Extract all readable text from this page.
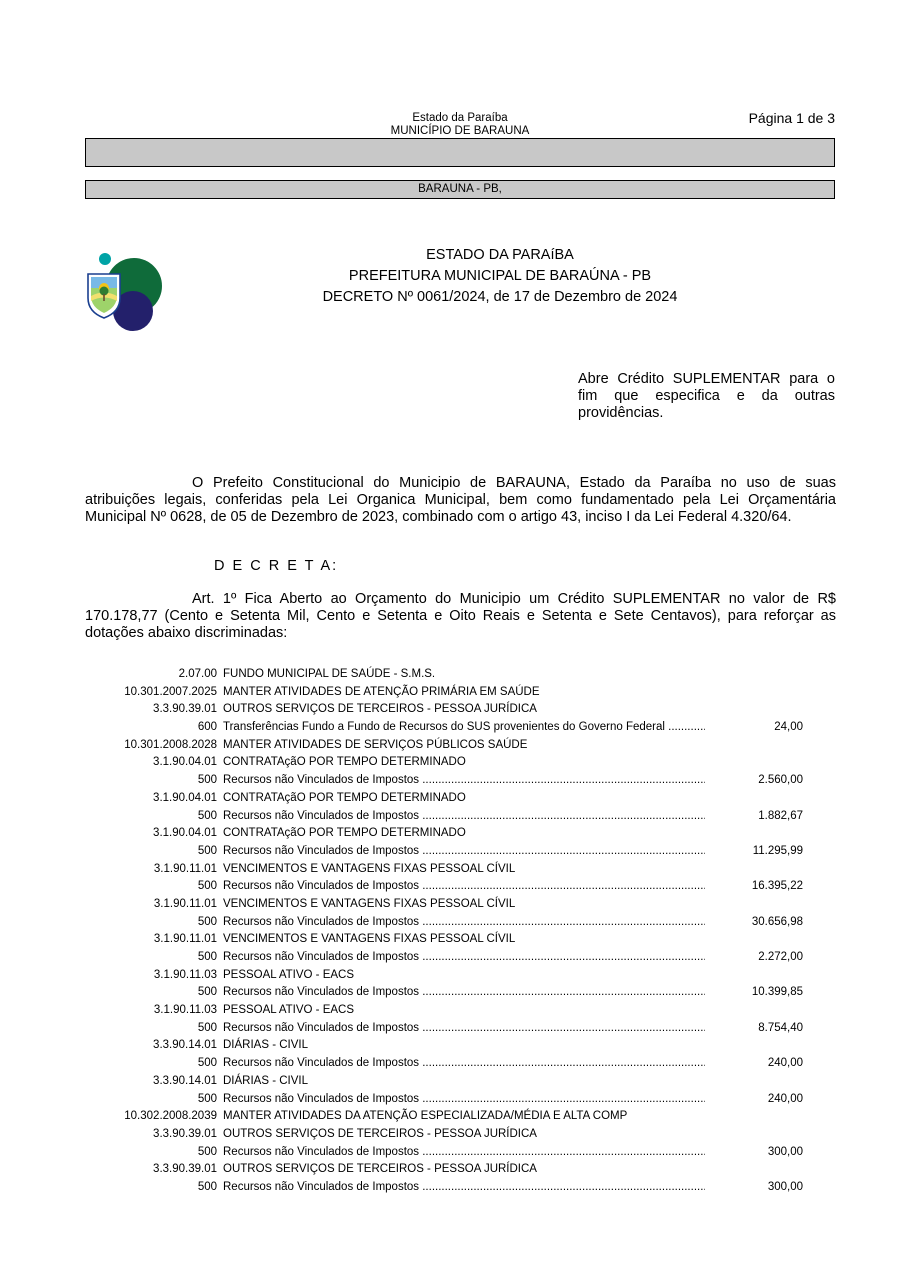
Estado da Paraíba
MUNICÍPIO DE BARAUNA
Página 1 de 3
BARAUNA - PB,
ESTADO DA PARAíBA
PREFEITURA MUNICIPAL DE BARAÚNA - PB
DECRETO Nº 0061/2024, de 17 de Dezembro de 2024
Abre Crédito SUPLEMENTAR para o fim que especifica e da outras providências.
O Prefeito Constitucional do Municipio de BARAUNA, Estado da Paraíba no uso de suas atribuições legais, conferidas pela Lei Organica Municipal, bem como fundamentado pela Lei Orçamentária Municipal Nº 0628, de 05 de Dezembro de 2023, combinado com o artigo 43, inciso I da Lei Federal 4.320/64.
D E C R E T A:
Art. 1º Fica Aberto ao Orçamento do Municipio um Crédito SUPLEMENTAR no valor de R$ 170.178,77 (Cento e Setenta Mil, Cento e Setenta e Oito Reais e Setenta e Sete Centavos), para reforçar as dotações abaixo discriminadas:
2.07.00 FUNDO MUNICIPAL DE SAÚDE - S.M.S.
10.301.2007.2025 MANTER ATIVIDADES DE ATENÇÃO PRIMÁRIA EM SAÚDE
3.3.90.39.01 OUTROS SERVIÇOS DE TERCEIROS - PESSOA JURÍDICA
600 Transferências Fundo a Fundo de Recursos do SUS provenientes do Governo Federal .....	24,00
10.301.2008.2028 MANTER ATIVIDADES DE SERVIÇOS PÚBLICOS SAÚDE
3.1.90.04.01 CONTRATAçãO POR TEMPO DETERMINADO
500 Recursos não Vinculados de Impostos .....	2.560,00
3.1.90.04.01 CONTRATAçãO POR TEMPO DETERMINADO
500 Recursos não Vinculados de Impostos .....	1.882,67
3.1.90.04.01 CONTRATAçãO POR TEMPO DETERMINADO
500 Recursos não Vinculados de Impostos .....	11.295,99
3.1.90.11.01 VENCIMENTOS E VANTAGENS FIXAS PESSOAL CÍVIL
500 Recursos não Vinculados de Impostos .....	16.395,22
3.1.90.11.01 VENCIMENTOS E VANTAGENS FIXAS PESSOAL CÍVIL
500 Recursos não Vinculados de Impostos .....	30.656,98
3.1.90.11.01 VENCIMENTOS E VANTAGENS FIXAS PESSOAL CÍVIL
500 Recursos não Vinculados de Impostos .....	2.272,00
3.1.90.11.03 PESSOAL ATIVO - EACS
500 Recursos não Vinculados de Impostos .....	10.399,85
3.1.90.11.03 PESSOAL ATIVO - EACS
500 Recursos não Vinculados de Impostos .....	8.754,40
3.3.90.14.01 DIÁRIAS - CIVIL
500 Recursos não Vinculados de Impostos .....	240,00
3.3.90.14.01 DIÁRIAS - CIVIL
500 Recursos não Vinculados de Impostos .....	240,00
10.302.2008.2039 MANTER ATIVIDADES DA ATENÇÃO ESPECIALIZADA/MÉDIA E ALTA COMP
3.3.90.39.01 OUTROS SERVIÇOS DE TERCEIROS - PESSOA JURÍDICA
500 Recursos não Vinculados de Impostos .....	300,00
3.3.90.39.01 OUTROS SERVIÇOS DE TERCEIROS - PESSOA JURÍDICA
500 Recursos não Vinculados de Impostos .....	300,00
